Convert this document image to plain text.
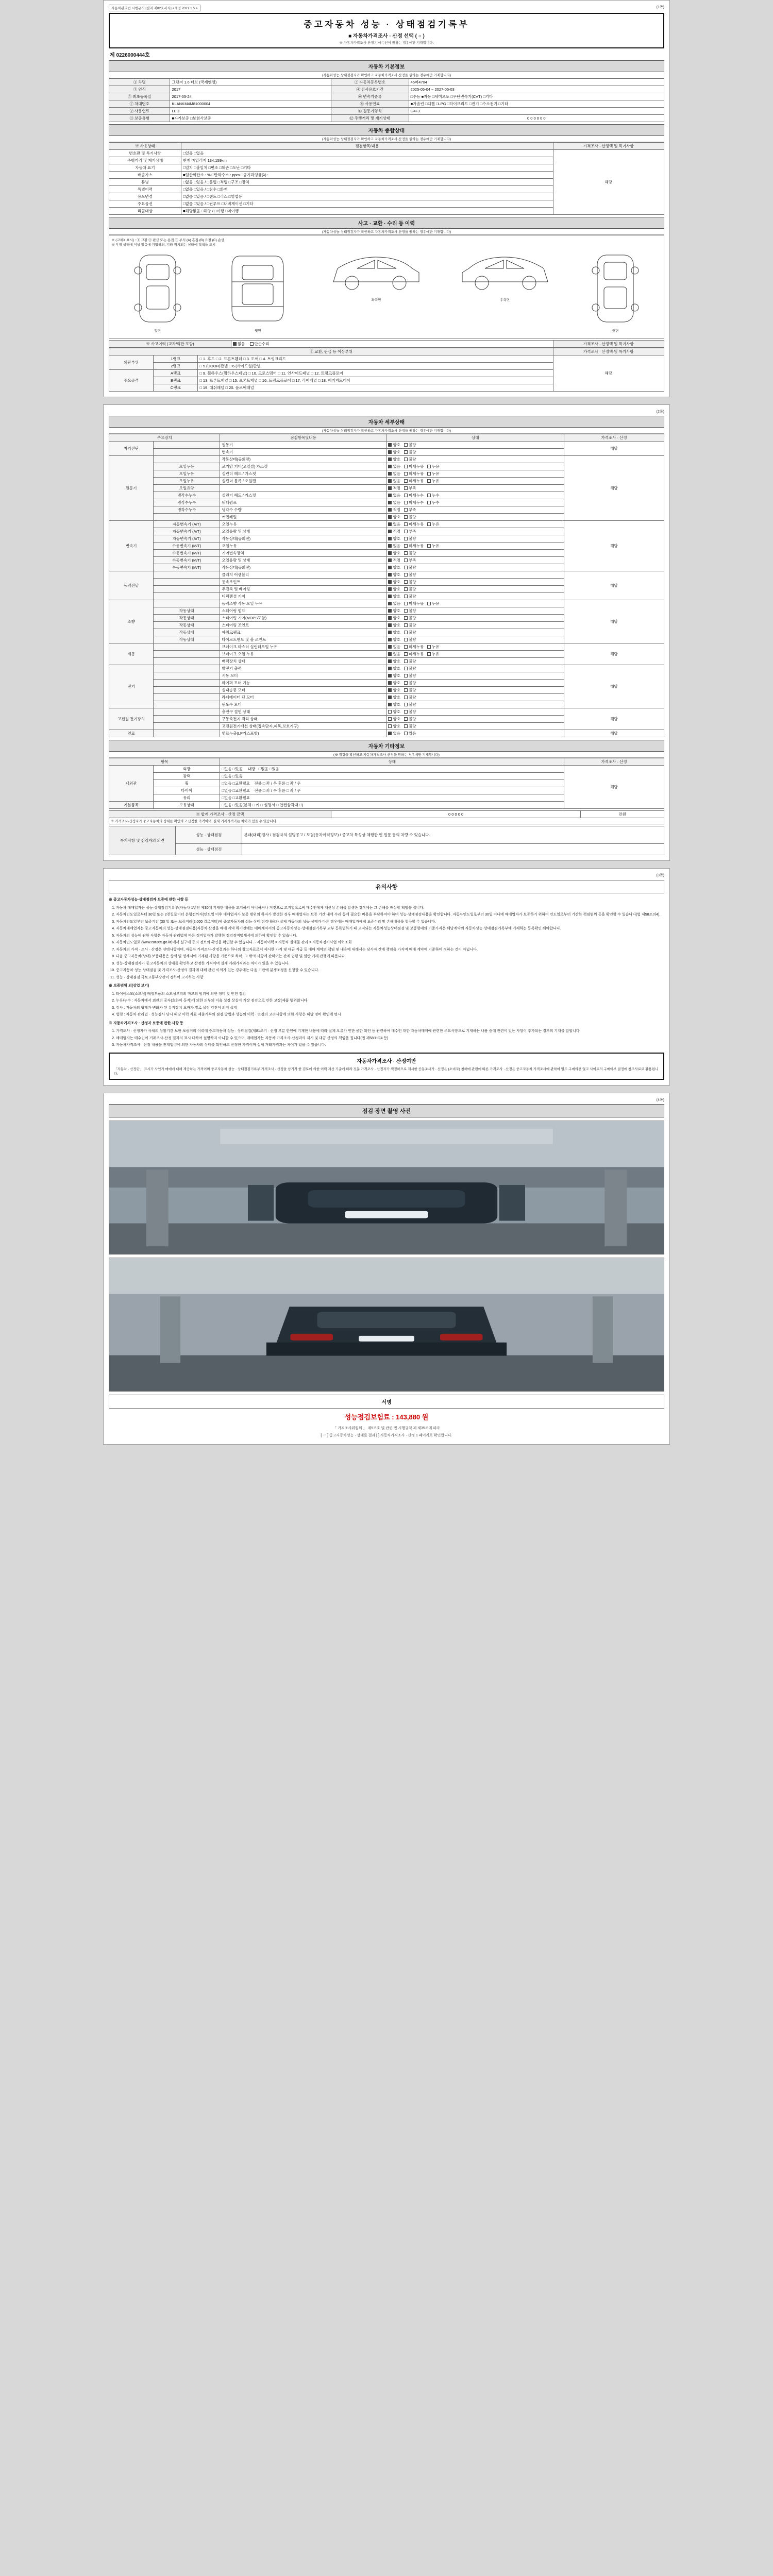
자동차관리법 시행규칙 [별지 제82호서식] <개정 2021.1.5.>	(1쪽)
중고자동차 성능 · 상태점검기록부
■ 자동차가격조사 · 산정 선택 ( ○ )
※ 자동차가격조사·산정은 매수인이 원하는 경우에만 기재합니다.
제 0226000444호
자동차 기본정보
(자동차성능·상태점검자가 확인하고 자동차가격조사·산정을 원하는 경우에만 기재합니다)
① 차명	그랜저 1.6 터보 (국제엔젤)	② 자동차등록번호	45머4704
③ 연식	2017	④ 검사유효기간	2025-05-04 ~ 2027-05-03
⑤ 최초등록일	2017-05-24	⑥ 변속기종류	□수동 ■자동 □세미오토 □무단변속기(CVT) □기타
⑦ 차대번호	KLANKM4M81000004	⑧ 사용연료	■가솔린 □디젤 □LPG □하이브리드 □전기 □수소전기 □기타
⑨ 사용연료	LED	⑩ 원동기형식	G4FJ
⑪ 보증유형	■자가보증 □보험사보증	⑫ 주행거리 및 계기상태	0 0 0 0 0 0
자동차 종합상태
(자동차성능·상태점검자가 확인하고 자동차가격조사·산정을 원하는 경우에만 기재합니다)
※ 사용상태	점검항목/내용	가격조사 · 산정액 및 특기사항
번호판 및 특기사항	□있음 □없음	해당
주행거리 및 계기상태	현재 마일리지 134,159km	
자동차 표기	□일치 □불일치 □변조 □훼손 □도난 □기타	
배출가스	■일산화탄소 : % □탄화수소 : ppm □공기과잉률(λ) :	
튜닝	□없음 □있음 / □불법 □적법 □구조 □장치	
특별이력	□없음 □있음 / □침수 □화재	
용도변경	□없음 □있음 / □렌트 □리스 □영업용	
주요옵션	□없음 □있음 / □썬루프 □내비게이션 □기타	
리콜대상	■해당없음 □해당 / □이행 □미이행	
사고 · 교환 · 수리 등 이력
(자동차성능·상태점검자가 확인하고 자동차가격조사·산정을 원하는 경우에만 기재합니다)
※ (교체X 표시) : ① 교환 ② 판금 또는 용접 ③ 부식 (A) 흠집 (B) 요철 (C) 손상
※ 부위 상태에 이상 있음에 기입하되, 기타 위치되는 상태에 적색을 표시
앞면	윗면
좌측면	우측면
뒷면
※ 사고이력 (교차/외판 포함)	없음 단순수리	가격조사 · 산정액 및 특기사항
② 교환, 판금 등 이상부위			가격조사 · 산정액 및 특기사항
외판부위	1랭크	□ 1. 후드 □ 2. 프론트휀더 □ 3. 도어 □ 4. 트렁크리드	해당
	2랭크	□ 5.(DOOR)판넬 □ 6.(사이드실)판넬	
주요골격	A랭크	□ 9. 휠하우스(휠하우스패널) □ 10. 크로스멤버 □ 11. 인사이드패널 □ 12. 트렁크플로어	
	B랭크	□ 13. 프론트패널 □ 15. 프론트패널 □ 16. 트렁크플로어 □ 17. 리어패널 □ 18. 패키지트레이	
	C랭크	□ 19. 대쉬패널 □ 20. 플로어패널	
(2쪽)
자동차 세부상태
(자동차성능·상태점검자가 확인하고 자동차가격조사·산정을 원하는 경우에만 기재합니다)
주요장치		점검항목및내용	상태	가격조사 · 산정
자기진단		원동기	양호 불량	해당
		변속기	양호 불량	
원동기		작동상태(공회전)	양호 불량	해당
	오일누유	로커암 커버(오일씰) 가스켓	없음 미세누유 누유	
	오일누유	실린더 헤드 / 가스켓	없음 미세누유 누유	
	오일누유	실린더 블록 / 오일팬	없음 미세누유 누유	
	오일유량		적정 부족	
	냉각수누수	실린더 헤드 / 가스켓	없음 미세누수 누수	
	냉각수누수	워터펌프	없음 미세누수 누수	
	냉각수누수	냉각수 수량	적정 부족	
		커먼레일	양호 불량	
변속기	자동변속기 (A/T)	오일누유	없음 미세누유 누유	해당
	자동변속기 (A/T)	오일유량 및 상태	적정 부족	
	자동변속기 (A/T)	작동상태(공회전)	양호 불량	
	수동변속기 (M/T)	오일누유	없음 미세누유 누유	
	수동변속기 (M/T)	기어변속장치	양호 불량	
	수동변속기 (M/T)	오일유량 및 상태	적정 부족	
	수동변속기 (M/T)	작동상태(공회전)	양호 불량	
동력전달		클러치 어셈블리	양호 불량	해당
		등속조인트	양호 불량	
		추진축 및 베어링	양호 불량	
		디퍼렌셜 기어	양호 불량	
조향		동력조향 작동 오일 누유	없음 미세누유 누유	해당
	작동상태	스티어링 펌프	양호 불량	
	작동상태	스티어링 기어(MDPS포함)	양호 불량	
	작동상태	스티어링 조인트	양호 불량	
	작동상태	파워크랭크	양호 불량	
	작동상태	타이로드엔드 및 볼 조인트	양호 불량	
제동		브레이크 마스터 실린더오일 누유	없음 미세누유 누유	해당
		브레이크 오일 누유	없음 미세누유 누유	
		배력장치 상태	양호 불량	
전기		발전기 출력	양호 불량	해당
		시동 모터	양호 불량	
		와이퍼 모터 기능	양호 불량	
		실내송풍 모터	양호 불량	
		라디에이터 팬 모터	양호 불량	
		윈도우 모터	양호 불량	
고전원 전기장치		충전구 절연 상태	양호 불량	해당
		구동축전지 격리 상태	양호 불량	
		고전원전기배선 상태(접속단자,피복,보호기구)	양호 불량	
연료		연료누출(LP가스포함)	없음 있음	해당
자동차 기타정보
(※ 점검을 확인하고 자동차가격조사·산정을 원하는 경우에만 기재합니다)
항목		상태	가격조사 · 산정
내외관	외장	□없음 □있음 내장 □없음 □있음	해당
	광택	□없음 □있음	
	휠	□없음 □교환필요 전륜 □ 좌 / 우 후륜 □ 좌 / 우	
	타이어	□없음 □교환필요 전륜 □ 좌 / 우 후륜 □ 좌 / 우	
	유리	□없음 □교환필요	
기본품목	보유상태	□없음 □있음(본체 □ 키 □ 설명서 □ 안전삼각대 □)	
※ 합계 가격조사 · 산정 금액	0 0 0 0 0	만원
※ 가격조사·산정자가 중고자동차의 상태를 확인하고 산정한 가격이며, 실제 거래가격과는 차이가 있을 수 있습니다.
특기사항 및 점검자의 의견	성능 · 상태점검	본래(대리)검사 / 점검자의 설명공고 / 보험(동차이력정보) / 중고차 특성상 체행한 인 원문 등의 차량 수 있습니다.
	성능 · 상태점검	
(3쪽)
유의사항

※ 중고자동차성능·상태점검자 보증에 관한 사항 등

1. 자동차 매매업자는 성능·상태점검기록부(자동차 1년인 제30에 기재한 내용을 고지하지 아니하거나 거짓으로 고지할으로써 매수인에게 재산상 손해를 발생한 경우에는 그 손해를 배상할 책임을 집니다.
2. 자동차인도일로부터 30일 또는 2천킬로미터 운행전까지(인도일 이후 매매업자가 보증 범위의 하자가 발생한 경우 매매업자는 보증 기간 내에 수리 등에 필요한 비용을 부담하여야 하며 성능·상태점검내용을 확인합니다. 자동차인도일로부터 30일 이내에 매매업자가 보증하기 위하여 인도일로부터 기산한 책임범위 등을 확인할 수 있습니다(법 제58조의4).
3. 자동차인도일부터 보증기간 (30 일 또는 보증거리(2,000 킬로미터)에 중고자동차의 성능·상태 점검내용과 실제 자동차의 성능·상태가 다른 경우에는 매매업자에게 보증수리 및 손해배상을 청구할 수 있습니다.
4. 자동차매매업자는 중고자동차의 성능·상태점검내용(자동차 산정을 매매 계약 하기전에는 매매계약서의 중고자동차성능·상태점검기록부 교부 등록별하기 때 고지되는 자동차성능상태점검 및 보증형태의 기준가격은 해당계약의 자동차성능·상태점검기록부에 기재하는 등록확인 해야합니다.
5. 자동차의 성능에 관한 사항은 자동차 관리법에 따른 정비업자가 발행한 점검정비명세서에 의하여 확인할 수 있습니다.
6. 자동차인도일로 (www.car365.go.kr)에서 실구매 등의 정보와 확인을 확인할 수 있습니다. - 자동차이력 > 자동차 실매물 관리 > 자동차정비사업 이력조회
7. 자동차의 가격 · 조사 · 산정은 선택사항이며, 자동차 가격조사·산정결과는 하나의 참고자료로서 제시한 가격 및 대금 지급 등 매매 계약의 책임 및 내용에 대해서는 당사자 간에 책임을 가지며 매매 계약에 기준하며 정하는 것이 아닙니다.
8. 다음 중고자동차(상태) 보증내용은 상세 및 명세서에 기재된 사항을 기준으로 하며, 그 밖의 사항에 관하여는 관계 법령 및 일반 거래 관행에 따릅니다.
9. 성능·상태점검자가 중고자동차의 상태를 확인하고 산정한 가격이며 실제 거래가격과는 차이가 있을 수 있습니다.
10. 중고자동차 성능·상태점검 및 가격조사·산정의 결과에 대해 관련 이의가 있는 경우에는 다음 기관에 분쟁조정을 신청할 수 있습니다.
11. 성능 · 상태점검 국토교통부장관이 정하여 고시하는 사항

※ 보증범위 외(상업 보기)

1. 타이어소모(소모성) 배정부품의 소모성부위의 마모의 범위에 의한 정비 및 안전 점검
2. 누유/누수 : 자동차에서 외관의 공자(호화이 동작)에 의한 의부의 이음 설정 상실이 거장 점검으로 인한 고장(제품 범위않니다
3. 검사 : 자동차의 형태가 변화가 된 유지장치 보바가 별로 설정 검진이 의거 설계
4. 법령 : 자동차 관리법 · 성능검사 당시 해당 이력 자료 제출거부의 점검 방법과 성능의 이력 · 변경의 고려사항에 의한 사항은 해당 정비 확인에 명시

※ 자동차가격조사 · 산정자 보증에 관한 사항 등

1. 가격조사 · 산정자가 사체의 상황기간 보한 보증거의 이력에 중고자동차 성능 · 상태점검(제81조기 · 산정 부분 한인에 기재한 내용에 따라 실제 오류가 인한 공한 확인 등 관련하여 매수인 대한 자동차매매에 관련한 주요사항으로 기재하는 내용 중에 관련이 있는 사항이 추가되는 경우의 기재를 말합니다.
2. 매매업자는 매수인이 거래조사·산정 결과의 표시 대하여 설명하지 아니할 수 있으며, 매매업자는 자동차 가격조사·산정과의 제시 및 대금 산정의 책임을 집니다(법 제58조의4 등)
3. 자동차가격조사 · 산정 내용을 관계법령에 의한 자동차의 상태를 확인하고 산정한 가격이며 실제 거래가격과는 차이가 있을 수 있습니다.
자동차가격조사 · 산정여만
「자동차 · 산정란」 표시가 사인가 매매에 대해 제공하는 가격이며 중고자동차 성능 · 상태점검기록부 가격조사 · 산정을 삼기적 한 검토에 의한 이력 계산 기준에 따라 전문 가격조사 · 산정자가 책정하므로 제시한 공동조사가 · 산정은 (소비자) 침해에 관련에 따른 가격조사 · 산정은 중고자동차 가격조사에 관하여 별도 구매의견 없고 사이트의 구매여부 결정에 참조사료로 활용됩니다.
(4쪽)
점검 장면 촬영 사진
서명
성능점검보험료 : 143,880 원
「 가격조사위원회 」 제5조호 및 관련 법 시행규칙 제 제35조에 따라
[ ㅡ ] 중고자동차성능 · 상태를 결과 [ ] 자동차가격조사 · 산정 1 페이지로 확인합니다.
